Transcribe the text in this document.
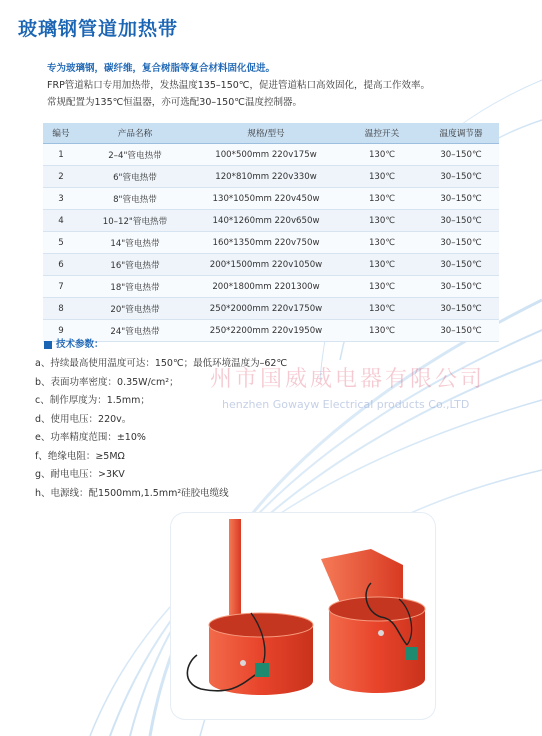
玻璃钢管道加热带
专为玻璃钢，碳纤维，复合树脂等复合材料固化促进。
FRP管道粘口专用加热带，发热温度135–150℃，促进管道粘口高效固化，提高工作效率。
常规配置为135℃恒温器，亦可选配30–150℃温度控制器。
编号	产品名称	规格/型号	温控开关	温度调节器
1	2–4"管电热带	100*500mm 220v175w	130℃	30–150℃
2	6"管电热带	120*810mm 220v330w	130℃	30–150℃
3	8"管电热带	130*1050mm 220v450w	130℃	30–150℃
4	10–12"管电热带	140*1260mm 220v650w	130℃	30–150℃
5	14"管电热带	160*1350mm 220v750w	130℃	30–150℃
6	16"管电热带	200*1500mm 220v1050w	130℃	30–150℃
7	18"管电热带	200*1800mm 2201300w	130℃	30–150℃
8	20"管电热带	250*2000mm 220v1750w	130℃	30–150℃
9	24"管电热带	250*2200mm 220v1950w	130℃	30–150℃
技术参数：
州市国威威电器有限公司
henzhen Gowayw Electrical products Co.,LTD
a、持续最高使用温度可达：150℃；最低环境温度为–62℃
b、表面功率密度：0.35W/cm²；
c、制作厚度为：1.5mm；
d、使用电压：220v。
e、功率精度范围：±10%
f、绝缘电阻：≥5MΩ
g、耐电电压：>3KV
h、电源线：配1500mm,1.5mm²硅胶电缆线
